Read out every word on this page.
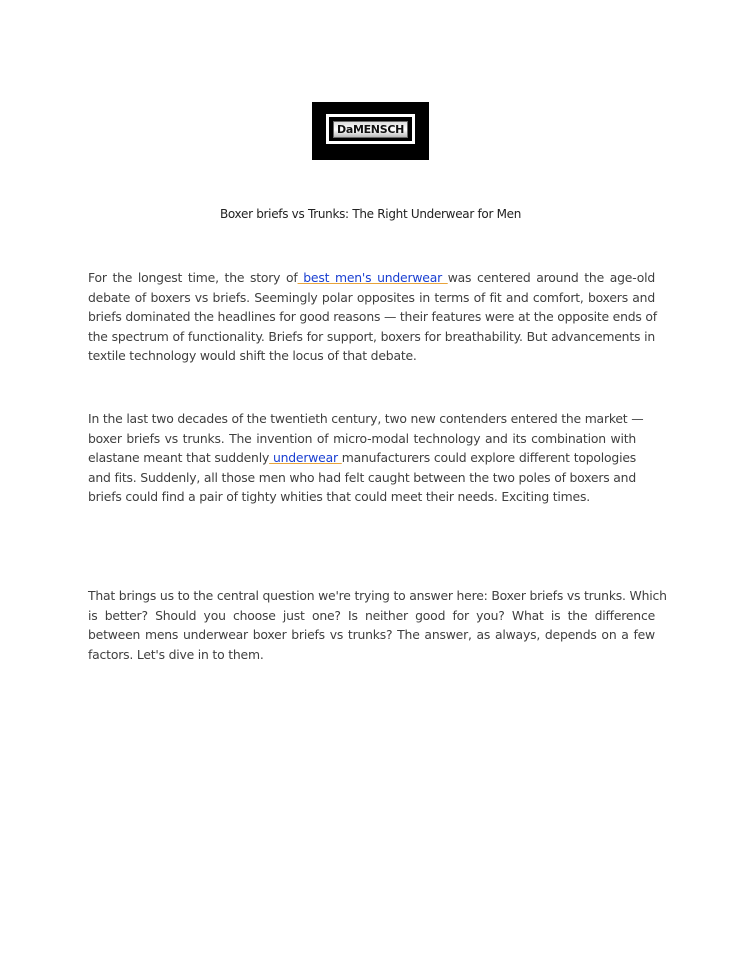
DaMENSCH
Boxer briefs vs Trunks: The Right Underwear for Men
For the longest time, the story of best men's underwear was centered around the age-old
debate of boxers vs briefs. Seemingly polar opposites in terms of fit and comfort, boxers and
briefs dominated the headlines for good reasons — their features were at the opposite ends of
the spectrum of functionality. Briefs for support, boxers for breathability. But advancements in
textile technology would shift the locus of that debate.
In the last two decades of the twentieth century, two new contenders entered the market —
boxer briefs vs trunks. The invention of micro-modal technology and its combination with
elastane meant that suddenly underwear manufacturers could explore different topologies
and fits. Suddenly, all those men who had felt caught between the two poles of boxers and
briefs could find a pair of tighty whities that could meet their needs. Exciting times.
That brings us to the central question we're trying to answer here: Boxer briefs vs trunks. Which
is better? Should you choose just one? Is neither good for you? What is the difference
between mens underwear boxer briefs vs trunks? The answer, as always, depends on a few
factors. Let's dive in to them.
